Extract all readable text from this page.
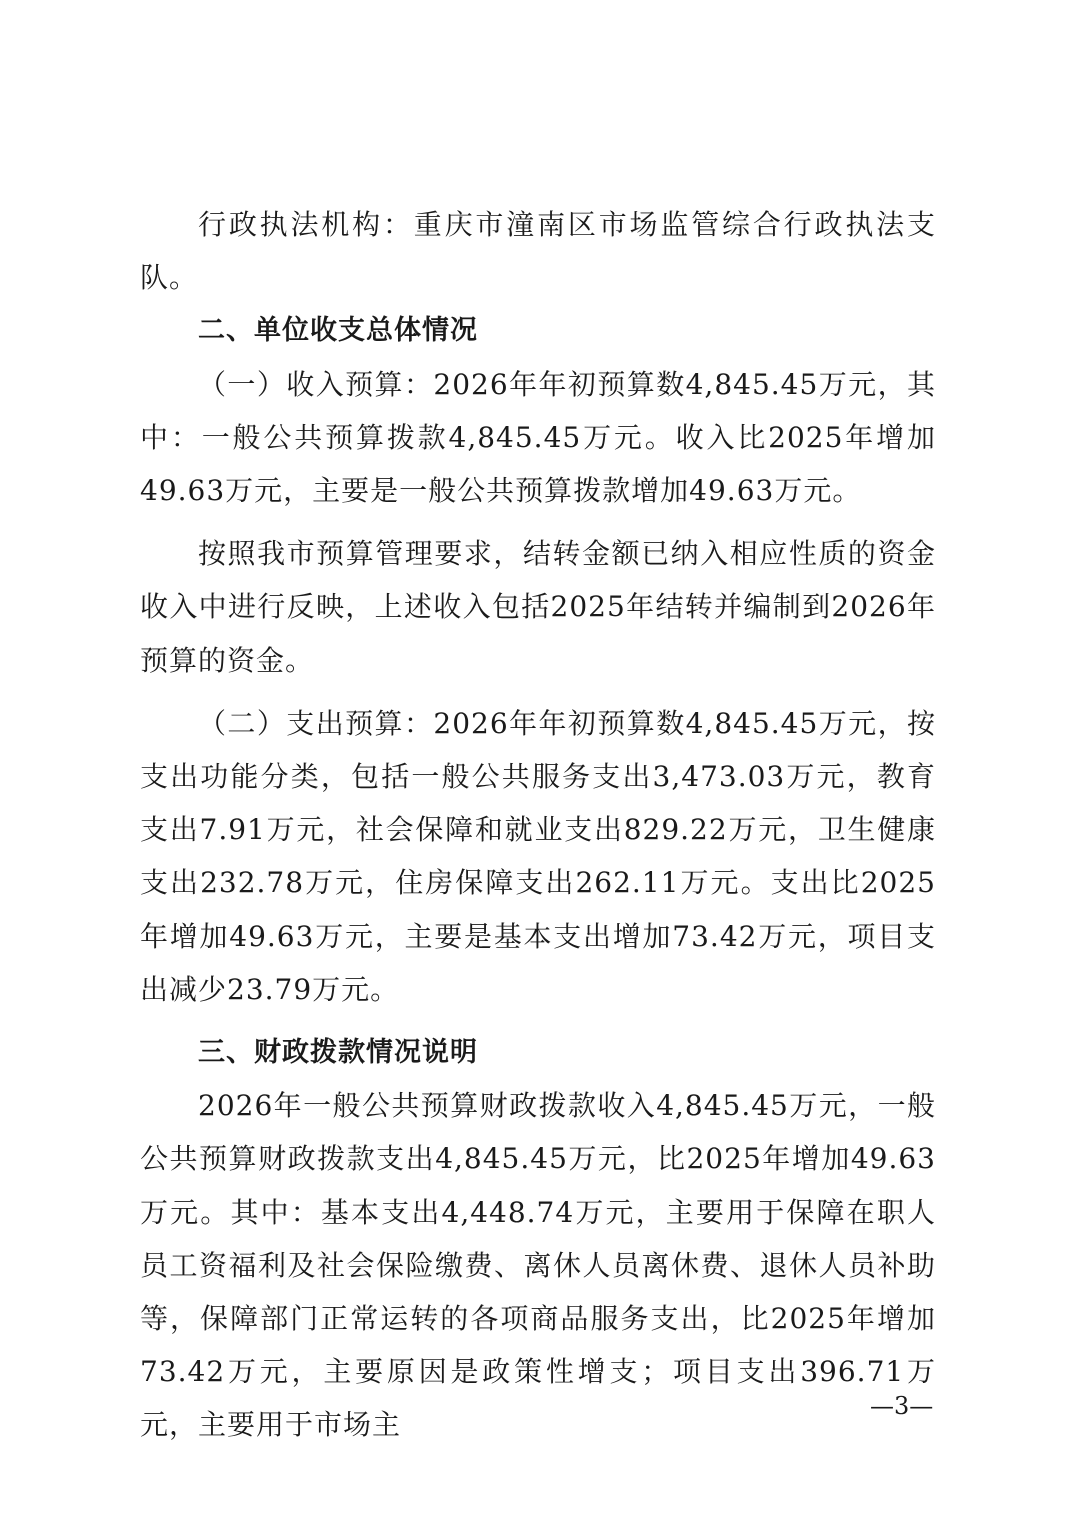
行政执法机构：重庆市潼南区市场监管综合行政执法支队。

二、单位收支总体情况

（一）收入预算：2026年年初预算数4,845.45万元，其中：一般公共预算拨款4,845.45万元。收入比2025年增加49.63万元，主要是一般公共预算拨款增加49.63万元。

按照我市预算管理要求，结转金额已纳入相应性质的资金收入中进行反映，上述收入包括2025年结转并编制到2026年预算的资金。

（二）支出预算：2026年年初预算数4,845.45万元，按支出功能分类，包括一般公共服务支出3,473.03万元，教育支出7.91万元，社会保障和就业支出829.22万元，卫生健康支出232.78万元，住房保障支出262.11万元。支出比2025年增加49.63万元，主要是基本支出增加73.42万元，项目支出减少23.79万元。

三、财政拨款情况说明

2026年一般公共预算财政拨款收入4,845.45万元，一般公共预算财政拨款支出4,845.45万元，比2025年增加49.63万元。其中：基本支出4,448.74万元，主要用于保障在职人员工资福利及社会保险缴费、离休人员离休费、退休人员补助等，保障部门正常运转的各项商品服务支出，比2025年增加73.42万元，主要原因是政策性增支；项目支出396.71万元，主要用于市场主

—3—
